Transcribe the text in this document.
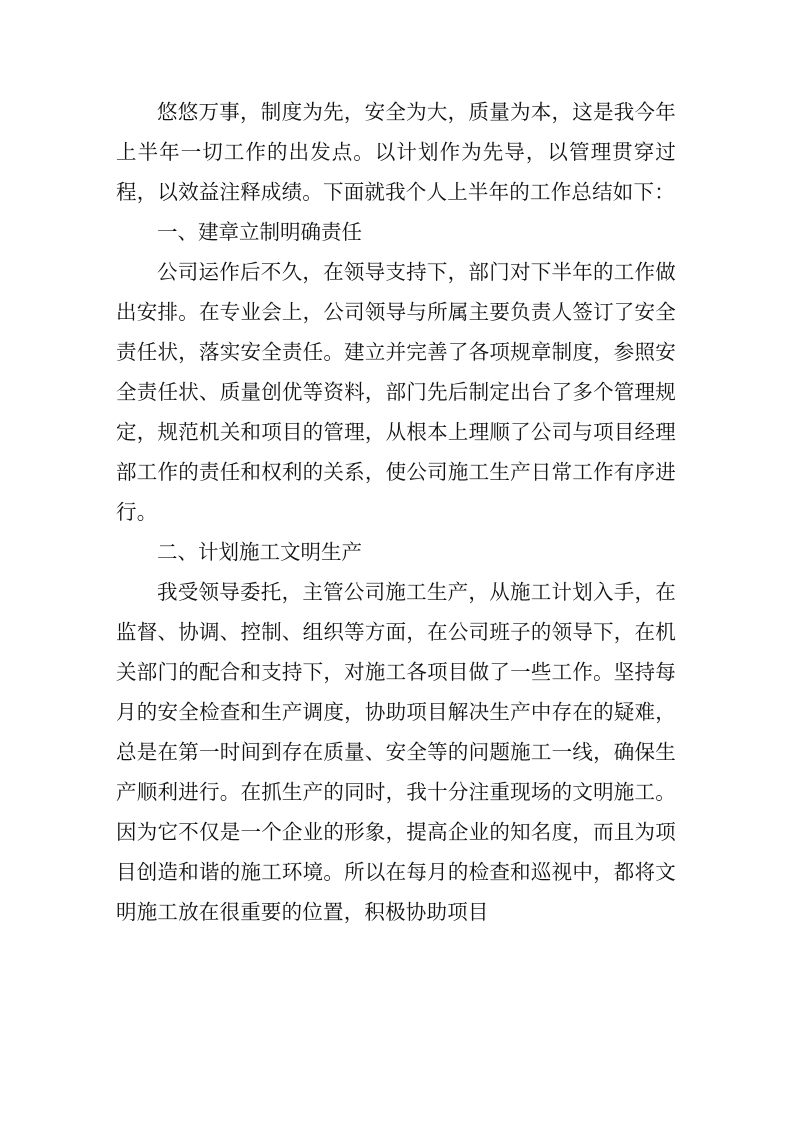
悠悠万事，制度为先，安全为大，质量为本，这是我今年上半年一切工作的出发点。以计划作为先导，以管理贯穿过程，以效益注释成绩。下面就我个人上半年的工作总结如下：

一、建章立制明确责任

公司运作后不久，在领导支持下，部门对下半年的工作做出安排。在专业会上，公司领导与所属主要负责人签订了安全责任状，落实安全责任。建立并完善了各项规章制度，参照安全责任状、质量创优等资料，部门先后制定出台了多个管理规定，规范机关和项目的管理，从根本上理顺了公司与项目经理部工作的责任和权利的关系，使公司施工生产日常工作有序进行。

二、计划施工文明生产

我受领导委托，主管公司施工生产，从施工计划入手，在监督、协调、控制、组织等方面，在公司班子的领导下，在机关部门的配合和支持下，对施工各项目做了一些工作。坚持每月的安全检查和生产调度，协助项目解决生产中存在的疑难，总是在第一时间到存在质量、安全等的问题施工一线，确保生产顺利进行。在抓生产的同时，我十分注重现场的文明施工。因为它不仅是一个企业的形象，提高企业的知名度，而且为项目创造和谐的施工环境。所以在每月的检查和巡视中，都将文明施工放在很重要的位置，积极协助项目
